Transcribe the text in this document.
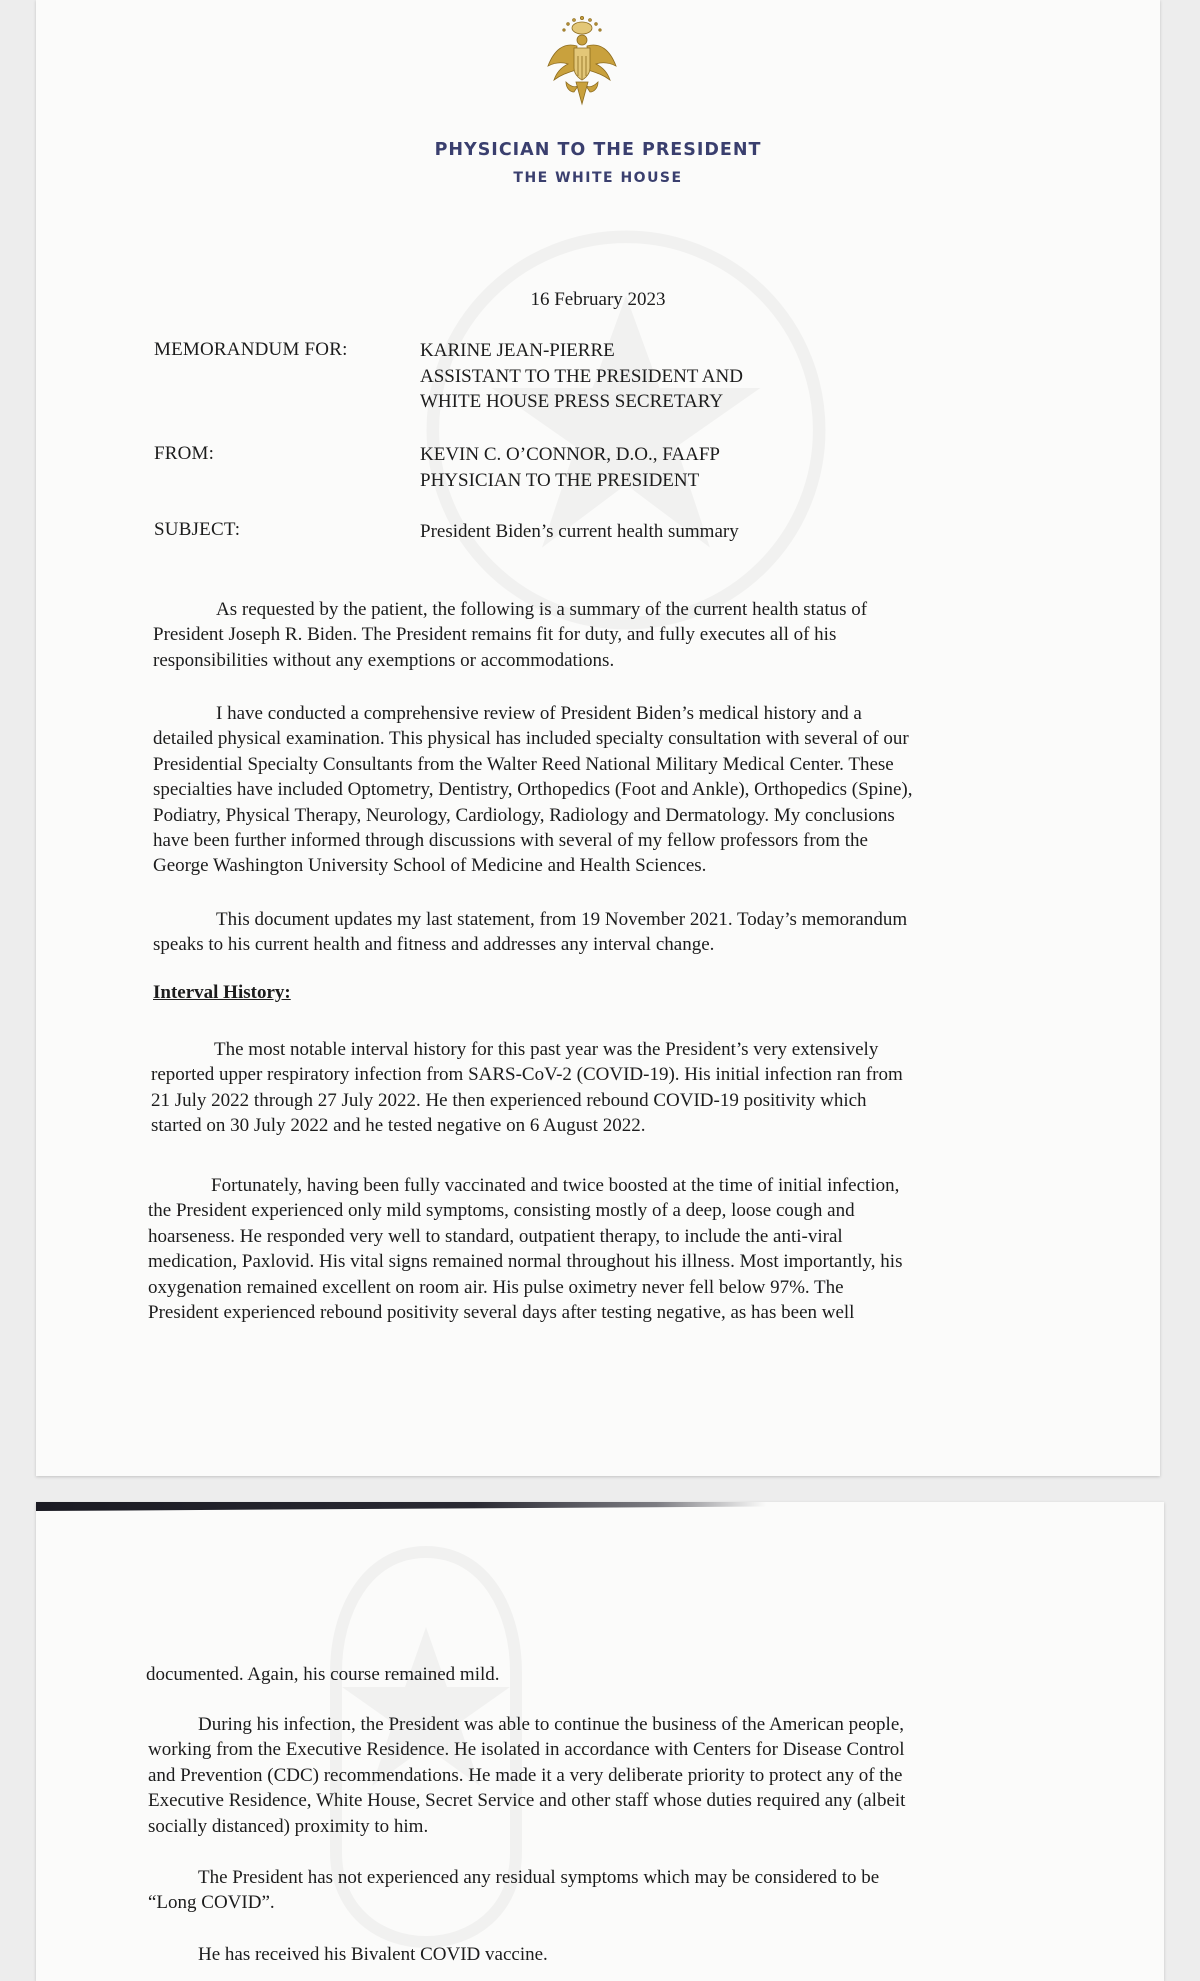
PHYSICIAN TO THE PRESIDENT
THE WHITE HOUSE
16 February 2023
MEMORANDUM FOR:	KARINE JEAN-PIERRE
ASSISTANT TO THE PRESIDENT AND
WHITE HOUSE PRESS SECRETARY
FROM:	KEVIN C. O’CONNOR, D.O., FAAFP
PHYSICIAN TO THE PRESIDENT
SUBJECT:	President Biden’s current health summary
As requested by the patient, the following is a summary of the current health status of
President Joseph R. Biden. The President remains fit for duty, and fully executes all of his
responsibilities without any exemptions or accommodations.
I have conducted a comprehensive review of President Biden’s medical history and a
detailed physical examination. This physical has included specialty consultation with several of our
Presidential Specialty Consultants from the Walter Reed National Military Medical Center. These
specialties have included Optometry, Dentistry, Orthopedics (Foot and Ankle), Orthopedics (Spine),
Podiatry, Physical Therapy, Neurology, Cardiology, Radiology and Dermatology. My conclusions
have been further informed through discussions with several of my fellow professors from the
George Washington University School of Medicine and Health Sciences.
This document updates my last statement, from 19 November 2021. Today’s memorandum
speaks to his current health and fitness and addresses any interval change.
Interval History:
The most notable interval history for this past year was the President’s very extensively
reported upper respiratory infection from SARS-CoV-2 (COVID-19). His initial infection ran from
21 July 2022 through 27 July 2022. He then experienced rebound COVID-19 positivity which
started on 30 July 2022 and he tested negative on 6 August 2022.
Fortunately, having been fully vaccinated and twice boosted at the time of initial infection,
the President experienced only mild symptoms, consisting mostly of a deep, loose cough and
hoarseness. He responded very well to standard, outpatient therapy, to include the anti-viral
medication, Paxlovid. His vital signs remained normal throughout his illness. Most importantly, his
oxygenation remained excellent on room air. His pulse oximetry never fell below 97%. The
President experienced rebound positivity several days after testing negative, as has been well
documented. Again, his course remained mild.
During his infection, the President was able to continue the business of the American people,
working from the Executive Residence. He isolated in accordance with Centers for Disease Control
and Prevention (CDC) recommendations. He made it a very deliberate priority to protect any of the
Executive Residence, White House, Secret Service and other staff whose duties required any (albeit
socially distanced) proximity to him.
The President has not experienced any residual symptoms which may be considered to be
“Long COVID”.
He has received his Bivalent COVID vaccine.
